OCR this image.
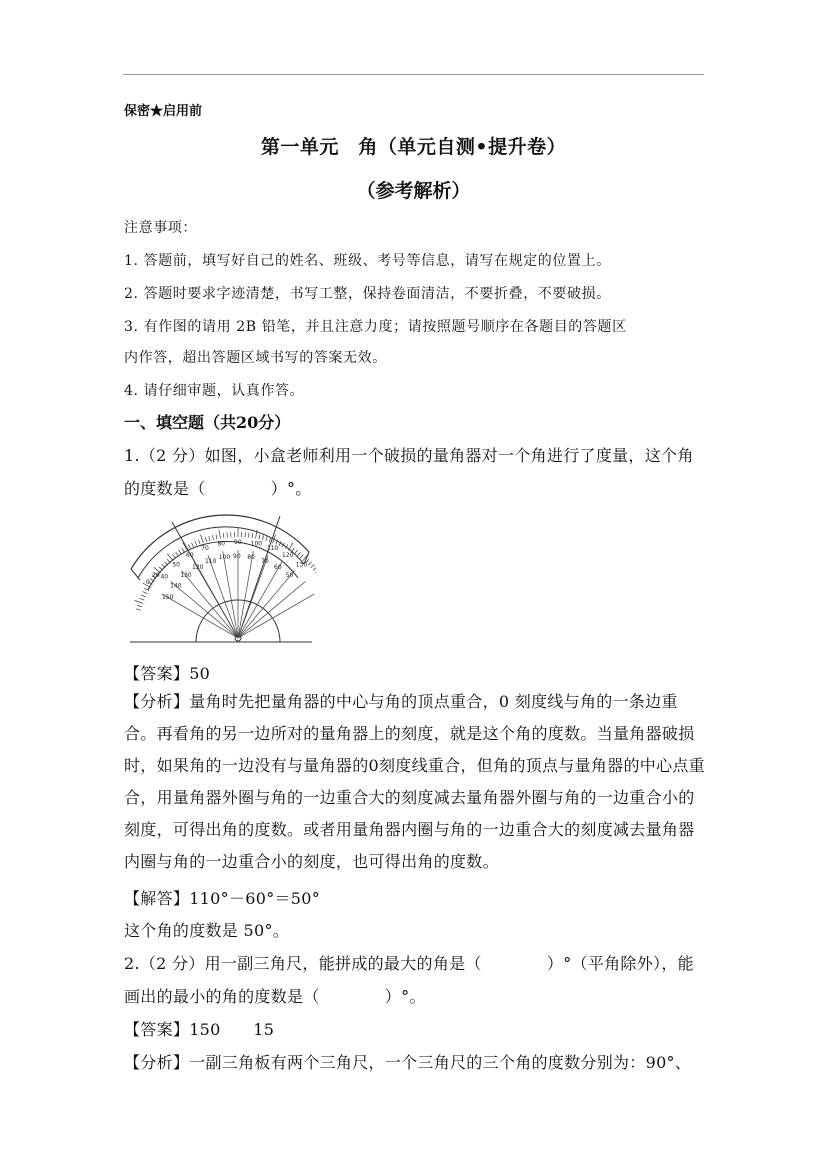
保密★启用前
第一单元　角（单元自测•提升卷）
（参考解析）
注意事项：
1. 答题前，填写好自己的姓名、班级、考号等信息，请写在规定的位置上。
2. 答题时要求字迹清楚，书写工整，保持卷面清洁，不要折叠，不要破损。
3. 有作图的请用 2B 铅笔，并且注意力度；请按照题号顺序在各题目的答题区
内作答，超出答题区域书写的答案无效。
4. 请仔细审题，认真作答。
一、填空题（共20分）
1.（2 分）如图，小盒老师利用一个破损的量角器对一个角进行了度量，这个角
的度数是（　　　　）°。
40
50
60
70
80 90 100
110
120
130
150
140
130
120
110
100 90 80
70
60
50
0
20
【答案】50
【分析】量角时先把量角器的中心与角的顶点重合，0 刻度线与角的一条边重合。再看角的另一边所对的量角器上的刻度，就是这个角的度数。当量角器破损时，如果角的一边没有与量角器的0刻度线重合，但角的顶点与量角器的中心点重合，用量角器外圈与角的一边重合大的刻度减去量角器外圈与角的一边重合小的刻度，可得出角的度数。或者用量角器内圈与角的一边重合大的刻度减去量角器内圈与角的一边重合小的刻度，也可得出角的度数。
【解答】110°－60°＝50°
这个角的度数是 50°。
2.（2 分）用一副三角尺，能拼成的最大的角是（　　　　）°（平角除外），能
画出的最小的角的度数是（　　　　）°。
【答案】150　　15
【分析】一副三角板有两个三角尺，一个三角尺的三个角的度数分别为：90°、
